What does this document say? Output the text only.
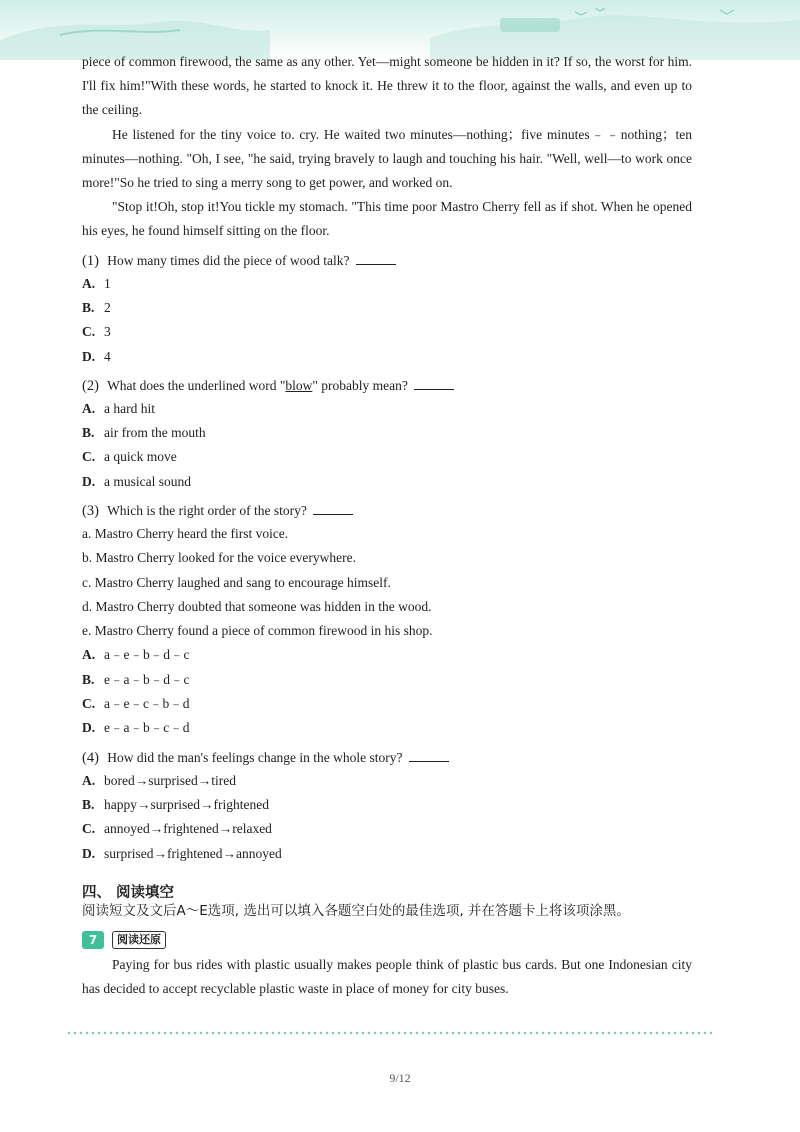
piece of common firewood, the same as any other. Yet—might someone be hidden in it? If so, the worst for him. I'll fix him!"With these words, he started to knock it. He threw it to the floor, against the walls, and even up to the ceiling.

He listened for the tiny voice to. cry. He waited two minutes—nothing；five minutes﹣﹣nothing；ten minutes—nothing. "Oh, I see, "he said, trying bravely to laugh and touching his hair. "Well, well—to work once more!"So he tried to sing a merry song to get power, and worked on.

"Stop it!Oh, stop it!You tickle my stomach. "This time poor Mastro Cherry fell as if shot. When he opened his eyes, he found himself sitting on the floor.

(1) How many times did the piece of wood talk?
A. 1
B. 2
C. 3
D. 4
(2) What does the underlined word "blow" probably mean?
A. a hard hit
B. air from the mouth
C. a quick move
D. a musical sound
(3) Which is the right order of the story?
a. Mastro Cherry heard the first voice.
b. Mastro Cherry looked for the voice everywhere.
c. Mastro Cherry laughed and sang to encourage himself.
d. Mastro Cherry doubted that someone was hidden in the wood.
e. Mastro Cherry found a piece of common firewood in his shop.
A. a﹣e﹣b﹣d﹣c
B. e﹣a﹣b﹣d﹣c
C. a﹣e﹣c﹣b﹣d
D. e﹣a﹣b﹣c﹣d
(4) How did the man's feelings change in the whole story?
A. bored→surprised→tired
B. happy→surprised→frightened
C. annoyed→frightened→relaxed
D. surprised→frightened→annoyed
四、 阅读填空
阅读短文及文后A～E选项, 选出可以填入各题空白处的最佳选项, 并在答题卡上将该项涂黑。
7	阅读还原

Paying for bus rides with plastic usually makes people think of plastic bus cards. But one Indonesian city has decided to accept recyclable plastic waste in place of money for city buses.

9/12
